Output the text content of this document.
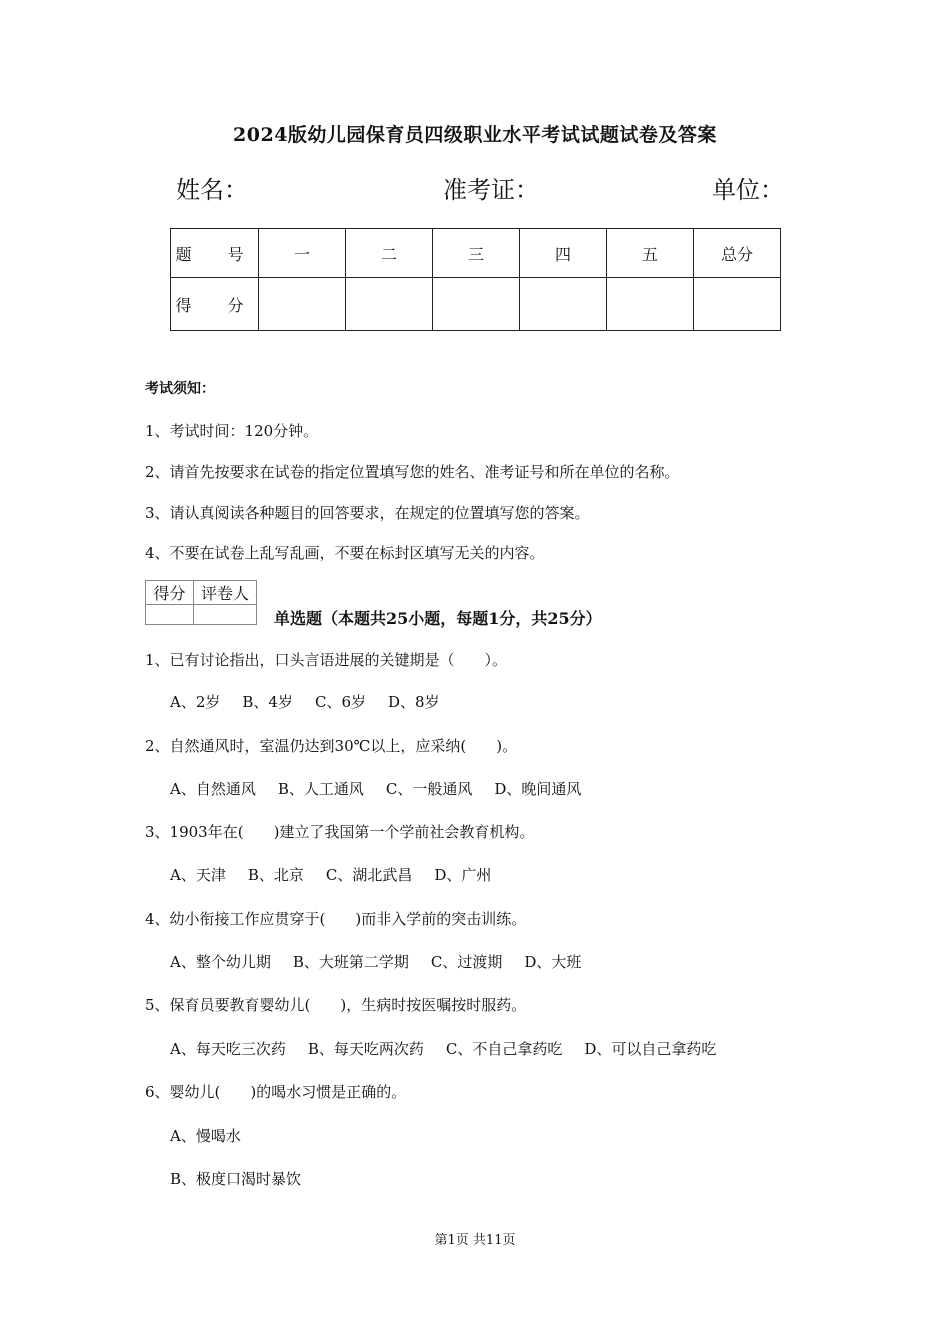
2024版幼儿园保育员四级职业水平考试试题试卷及答案
姓名：	准考证：	单位：
题　号	一	二	三	四	五	总分
得　分						
考试须知：
1、考试时间：120分钟。
2、请首先按要求在试卷的指定位置填写您的姓名、准考证号和所在单位的名称。
3、请认真阅读各种题目的回答要求，在规定的位置填写您的答案。
4、不要在试卷上乱写乱画，不要在标封区填写无关的内容。
得分	评卷人

单选题（本题共25小题，每题1分，共25分）
1、已有讨论指出，口头言语进展的关键期是（　　）。
A、2岁 B、4岁 C、6岁 D、8岁
2、自然通风时，室温仍达到30℃以上，应采纳(　　)。
A、自然通风 B、人工通风 C、一般通风 D、晚间通风
3、1903年在(　　)建立了我国第一个学前社会教育机构。
A、天津 B、北京 C、湖北武昌 D、广州
4、幼小衔接工作应贯穿于(　　)而非入学前的突击训练。
A、整个幼儿期 B、大班第二学期 C、过渡期 D、大班
5、保育员要教育婴幼儿(　　)，生病时按医嘱按时服药。
A、每天吃三次药 B、每天吃两次药 C、不自己拿药吃 D、可以自己拿药吃
6、婴幼儿(　　)的喝水习惯是正确的。
A、慢喝水
B、极度口渴时暴饮
第1页 共11页
